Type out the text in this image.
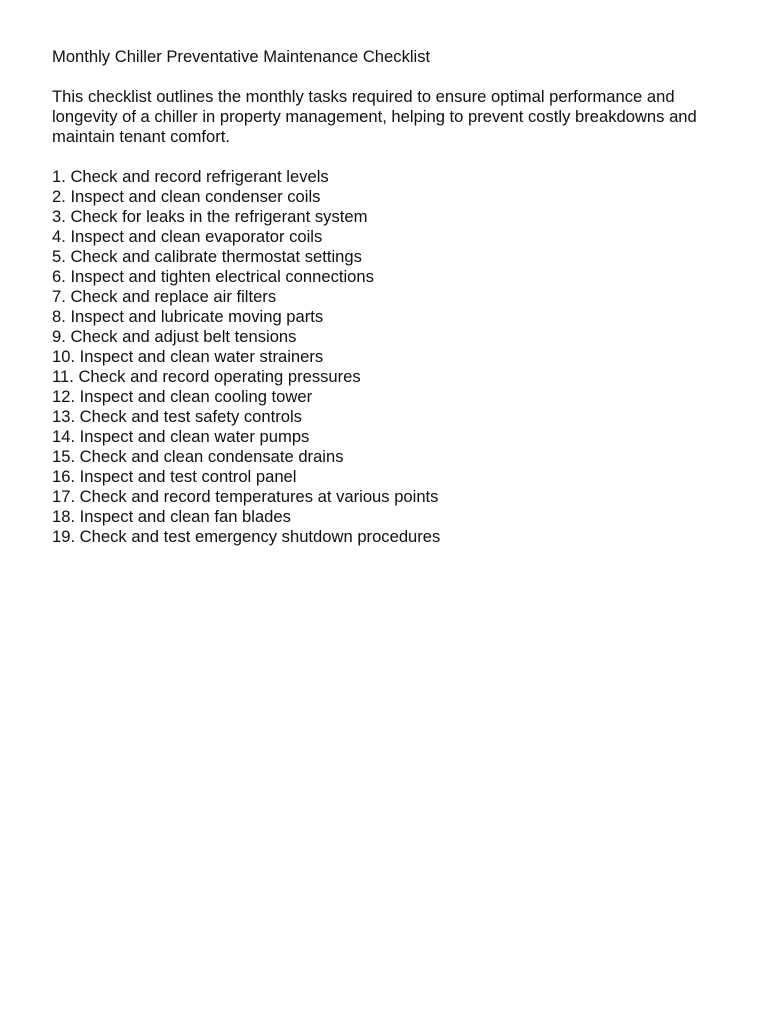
Monthly Chiller Preventative Maintenance Checklist

This checklist outlines the monthly tasks required to ensure optimal performance and longevity of a chiller in property management, helping to prevent costly breakdowns and maintain tenant comfort.

1. Check and record refrigerant levels
2. Inspect and clean condenser coils
3. Check for leaks in the refrigerant system
4. Inspect and clean evaporator coils
5. Check and calibrate thermostat settings
6. Inspect and tighten electrical connections
7. Check and replace air filters
8. Inspect and lubricate moving parts
9. Check and adjust belt tensions
10. Inspect and clean water strainers
11. Check and record operating pressures
12. Inspect and clean cooling tower
13. Check and test safety controls
14. Inspect and clean water pumps
15. Check and clean condensate drains
16. Inspect and test control panel
17. Check and record temperatures at various points
18. Inspect and clean fan blades
19. Check and test emergency shutdown procedures
